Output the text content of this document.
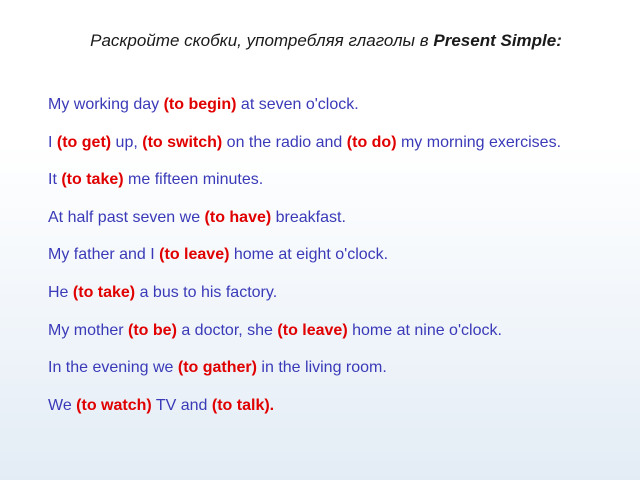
Раскройте скобки, употребляя глаголы в Present Simple:
My working day (to begin) at seven o'clock.
I (to get) up, (to switch) on the radio and (to do) my morning exercises.
It (to take) me fifteen minutes.
At half past seven we (to have) breakfast.
My father and I (to leave) home at eight o'clock.
He (to take) a bus to his factory.
My mother (to be) a doctor, she (to leave) home at nine o'clock.
In the evening we (to gather) in the living room.
We (to watch) TV and (to talk).
